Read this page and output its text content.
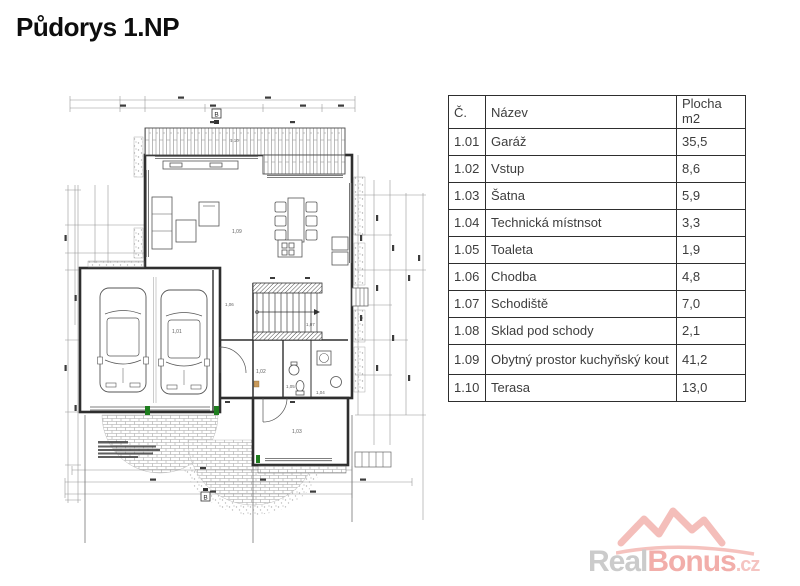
Půdorys 1.NP
B
B
1,10
1,09
1,01
1,06
1,07
1,02
1,05
1,04
1,03
Č.	Název	Plocha
m2

1.01	Garáž	35,5
1.02	Vstup	8,6
1.03	Šatna	5,9
1.04	Technická místnsot	3,3
1.05	Toaleta	1,9
1.06	Chodba	4,8
1.07	Schodiště	7,0
1.08	Sklad pod schody	2,1
1.09	Obytný prostor kuchyňský kout	41,2
1.10	Terasa	13,0
RealBonus.cz
